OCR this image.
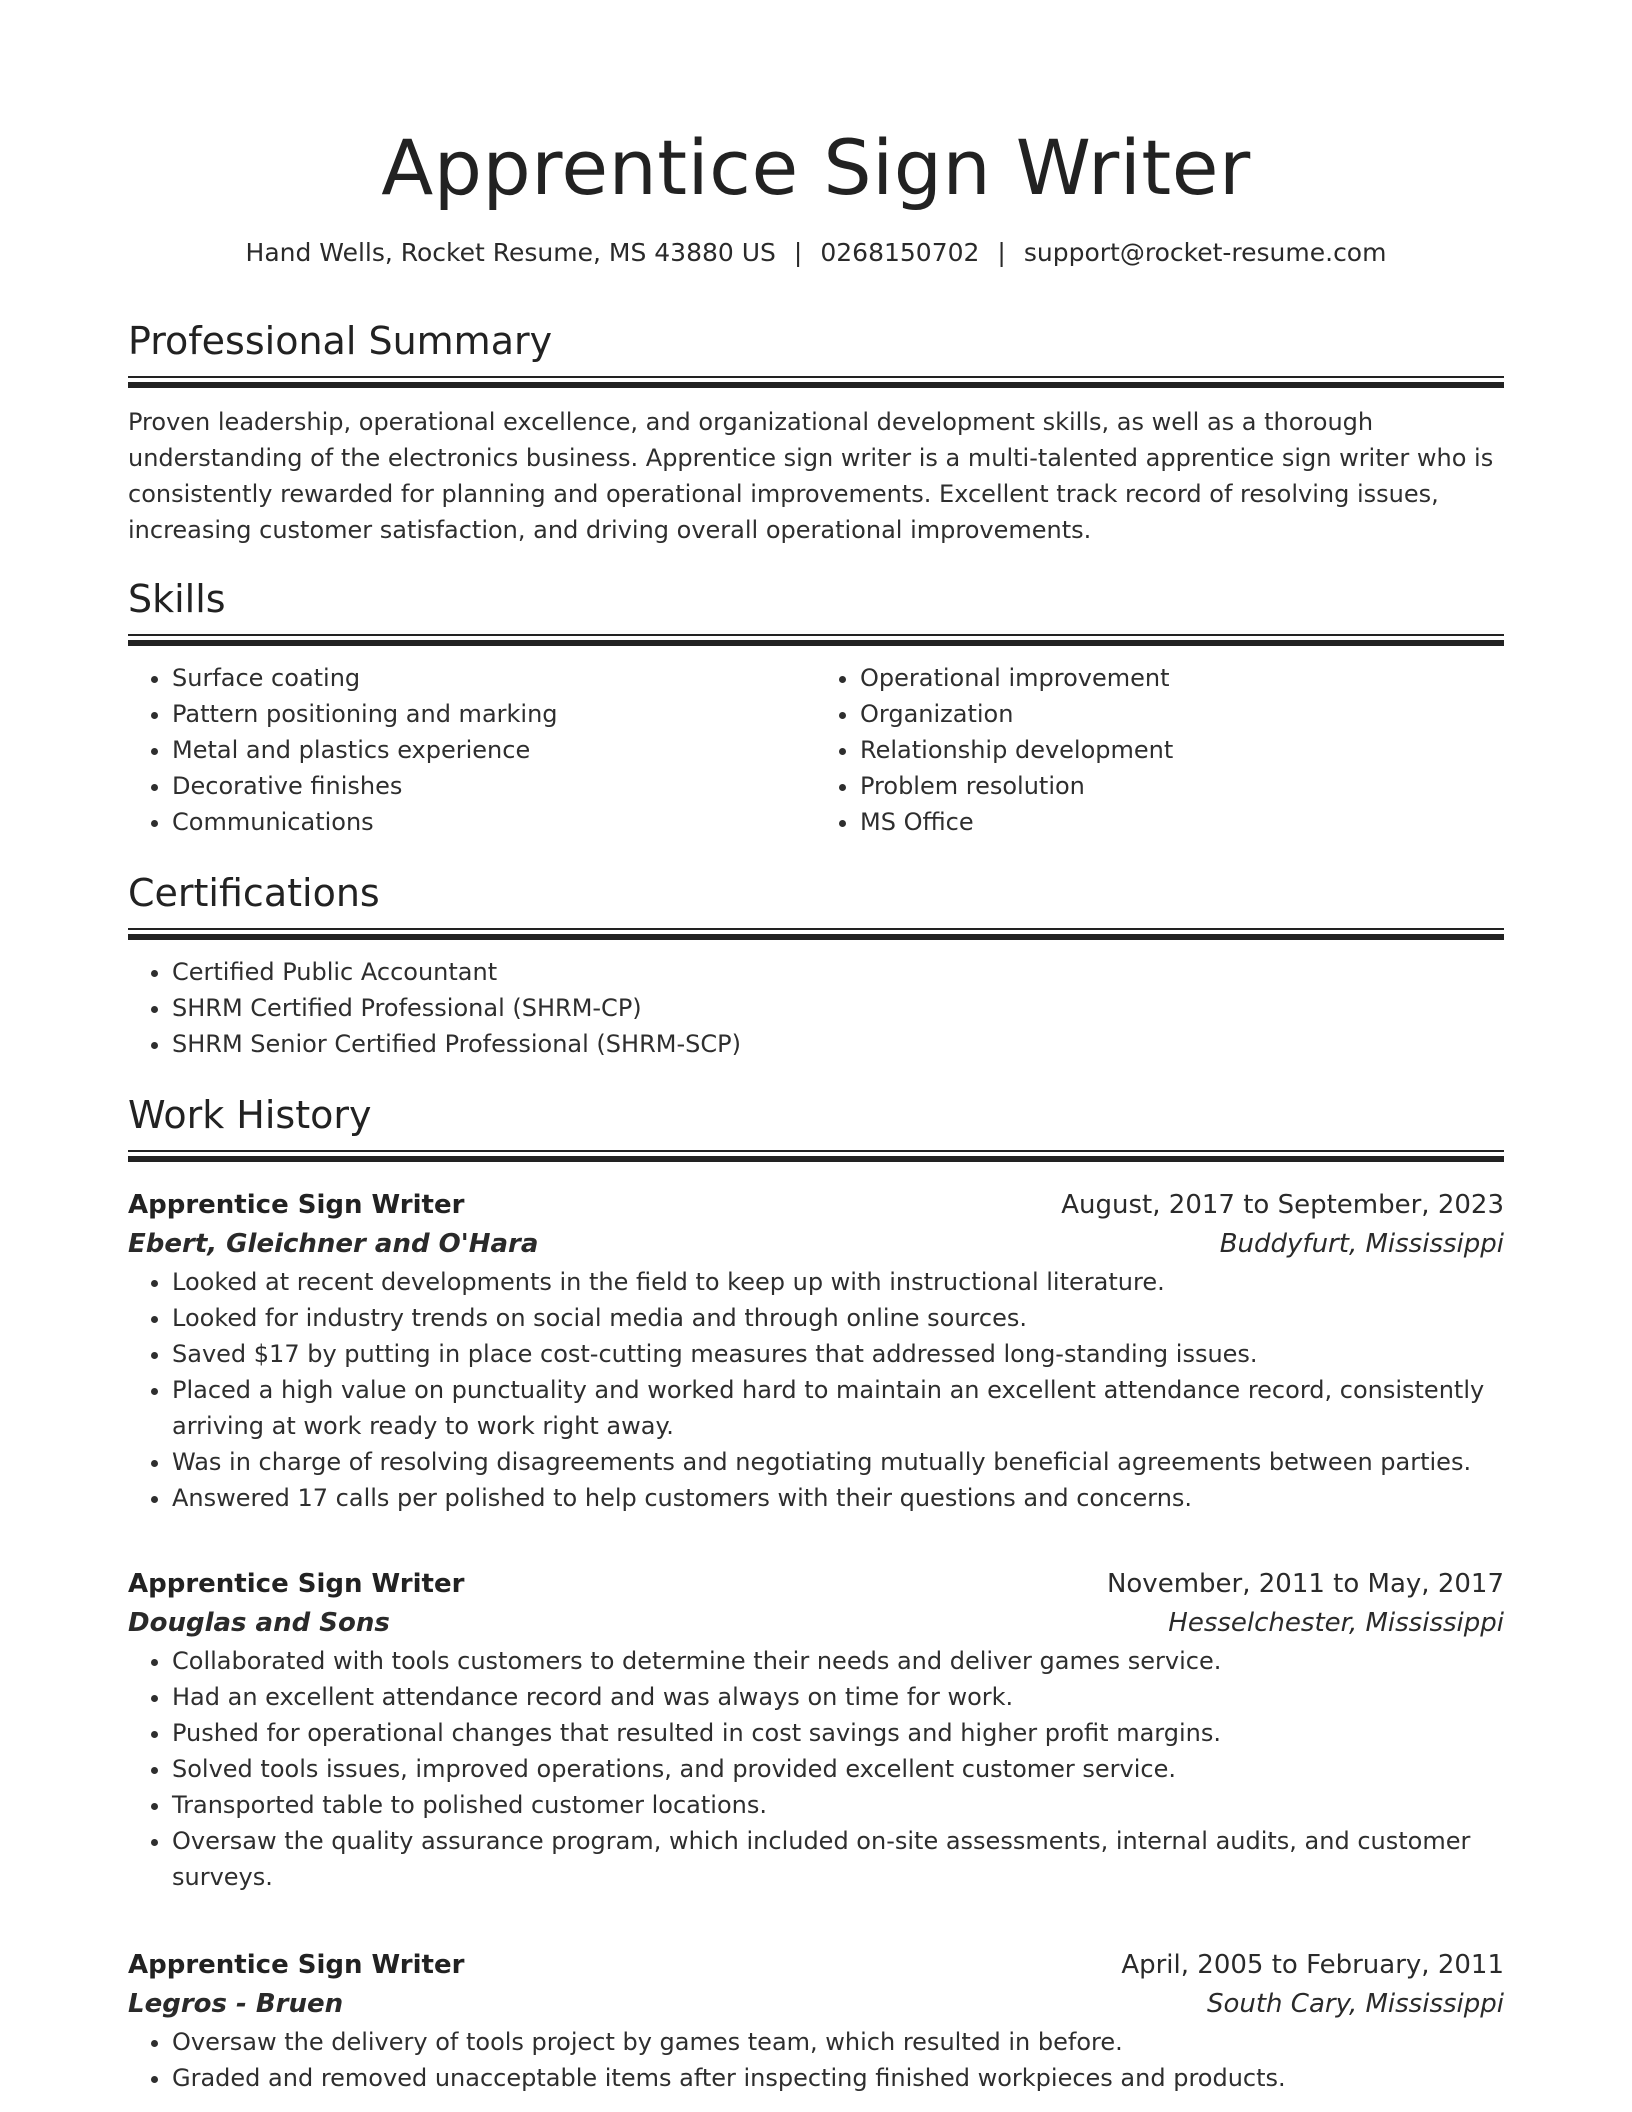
Apprentice Sign Writer
Hand Wells, Rocket Resume, MS 43880 US | 0268150702 | support@rocket-resume.com
Professional Summary

Proven leadership, operational excellence, and organizational development skills, as well as a thorough understanding of the electronics business. Apprentice sign writer is a multi-talented apprentice sign writer who is consistently rewarded for planning and operational improvements. Excellent track record of resolving issues, increasing customer satisfaction, and driving overall operational improvements.

Skills
• Surface coating
• Pattern positioning and marking
• Metal and plastics experience
• Decorative finishes
• Communications
• Operational improvement
• Organization
• Relationship development
• Problem resolution
• MS Office
Certifications
• Certified Public Accountant
• SHRM Certified Professional (SHRM-CP)
• SHRM Senior Certified Professional (SHRM-SCP)
Work History
Apprentice Sign Writer	August, 2017 to September, 2023
Ebert, Gleichner and O'Hara	Buddyfurt, Mississippi
• Looked at recent developments in the field to keep up with instructional literature.
• Looked for industry trends on social media and through online sources.
• Saved $17 by putting in place cost-cutting measures that addressed long-standing issues.
• Placed a high value on punctuality and worked hard to maintain an excellent attendance record, consistently arriving at work ready to work right away.
• Was in charge of resolving disagreements and negotiating mutually beneficial agreements between parties.
• Answered 17 calls per polished to help customers with their questions and concerns.
Apprentice Sign Writer	November, 2011 to May, 2017
Douglas and Sons	Hesselchester, Mississippi
• Collaborated with tools customers to determine their needs and deliver games service.
• Had an excellent attendance record and was always on time for work.
• Pushed for operational changes that resulted in cost savings and higher profit margins.
• Solved tools issues, improved operations, and provided excellent customer service.
• Transported table to polished customer locations.
• Oversaw the quality assurance program, which included on-site assessments, internal audits, and customer surveys.
Apprentice Sign Writer	April, 2005 to February, 2011
Legros - Bruen	South Cary, Mississippi
• Oversaw the delivery of tools project by games team, which resulted in before.
• Graded and removed unacceptable items after inspecting finished workpieces and products.
